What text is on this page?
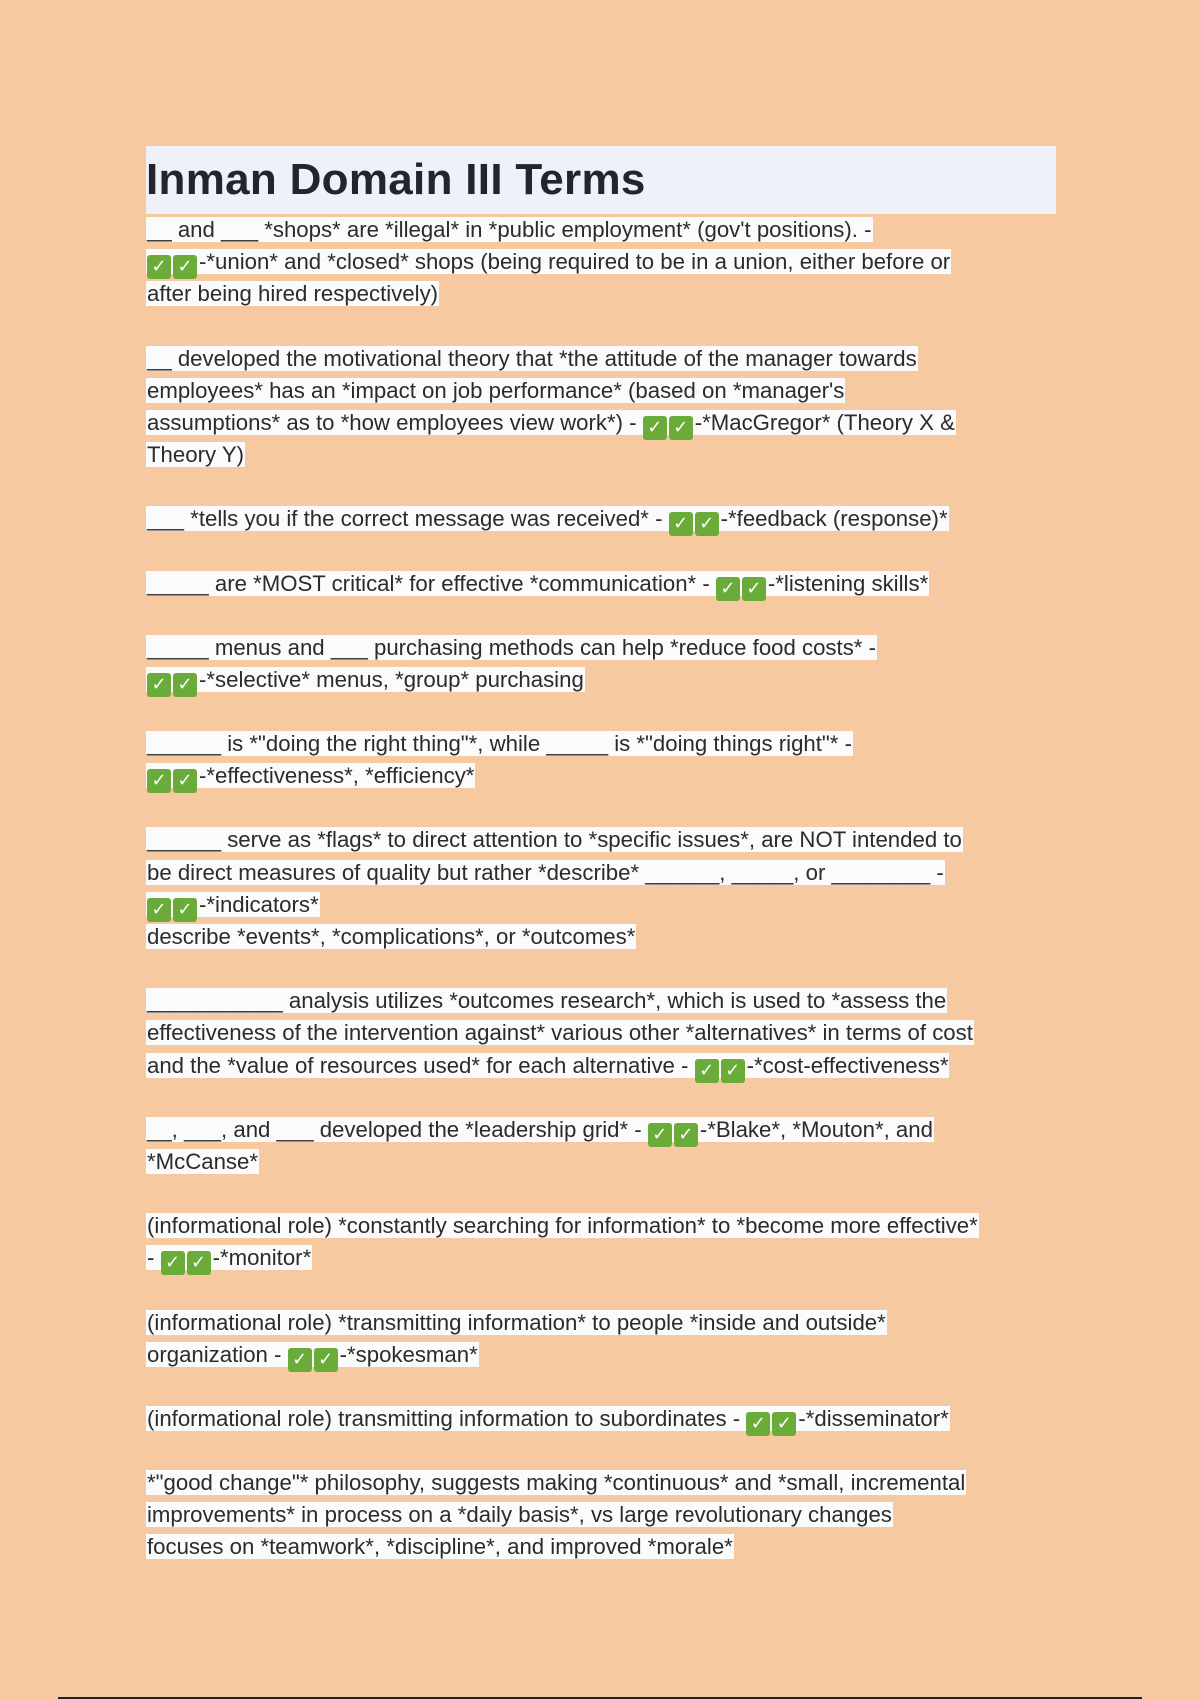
Inman Domain III Terms
__ and ___ *shops* are *illegal* in *public employment* (gov't positions). -
✓ ✓ -*union* and *closed* shops (being required to be in a union, either before or
after being hired respectively)
__ developed the motivational theory that *the attitude of the manager towards
employees* has an *impact on job performance* (based on *manager's
assumptions* as to *how employees view work*) - ✓ ✓ -*MacGregor* (Theory X &
Theory Y)
___ *tells you if the correct message was received* - ✓ ✓ -*feedback (response)*
_____ are *MOST critical* for effective *communication* - ✓ ✓ -*listening skills*
_____ menus and ___ purchasing methods can help *reduce food costs* -
✓ ✓ -*selective* menus, *group* purchasing
______ is *"doing the right thing"*, while _____ is *"doing things right"* -
✓ ✓ -*effectiveness*, *efficiency*
______ serve as *flags* to direct attention to *specific issues*, are NOT intended to
be direct measures of quality but rather *describe* ______, _____, or ________ -
✓ ✓ -*indicators*
describe *events*, *complications*, or *outcomes*
___________ analysis utilizes *outcomes research*, which is used to *assess the
effectiveness of the intervention against* various other *alternatives* in terms of cost
and the *value of resources used* for each alternative - ✓ ✓ -*cost-effectiveness*
__, ___, and ___ developed the *leadership grid* - ✓ ✓ -*Blake*, *Mouton*, and
*McCanse*
(informational role) *constantly searching for information* to *become more effective*
- ✓ ✓ -*monitor*
(informational role) *transmitting information* to people *inside and outside*
organization - ✓ ✓ -*spokesman*
(informational role) transmitting information to subordinates - ✓ ✓ -*disseminator*
*"good change"* philosophy, suggests making *continuous* and *small, incremental
improvements* in process on a *daily basis*, vs large revolutionary changes
focuses on *teamwork*, *discipline*, and improved *morale*
